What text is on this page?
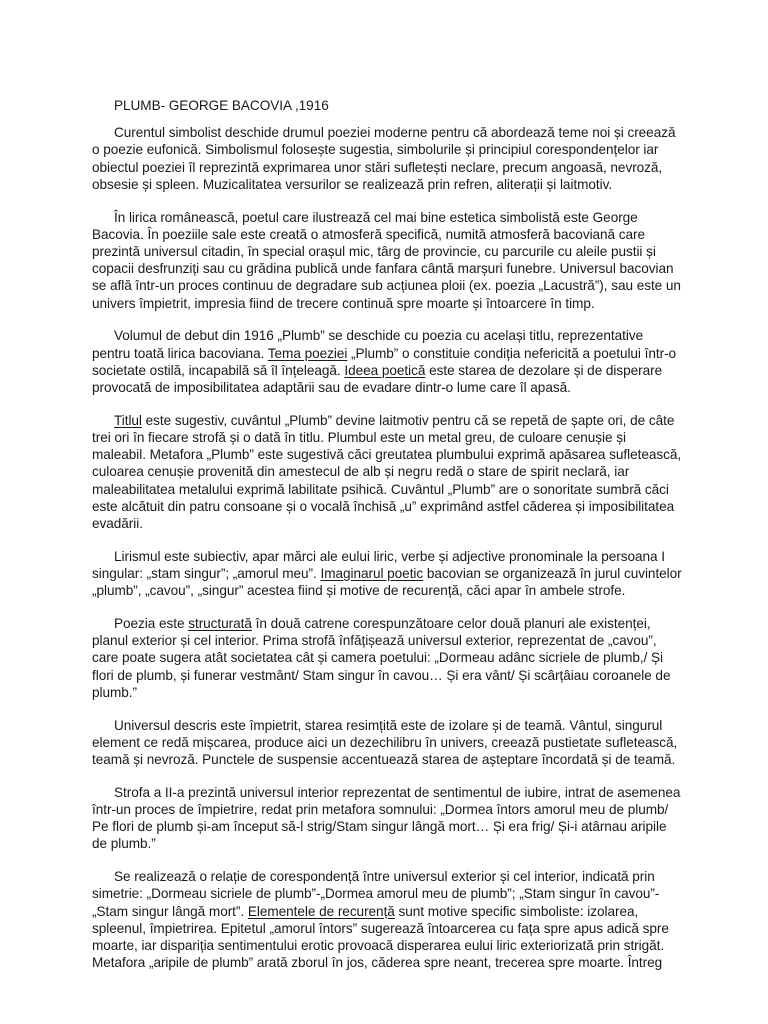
PLUMB- GEORGE BACOVIA ,1916

Curentul simbolist deschide drumul poeziei moderne pentru că abordează teme noi și creează o poezie eufonică. Simbolismul folosește sugestia, simbolurile și principiul corespondențelor iar obiectul poeziei îl reprezintă exprimarea unor stări sufletești neclare, precum angoasă, nevroză, obsesie și spleen. Muzicalitatea versurilor se realizează prin refren, aliterații și laitmotiv.

În lirica românească, poetul care ilustrează cel mai bine estetica simbolistă este George Bacovia. În poeziile sale este creată o atmosferă specifică, numită atmosferă bacoviană care prezintă universul citadin, în special orașul mic, târg de provincie, cu parcurile cu aleile pustii și copacii desfrunziți sau cu grădina publică unde fanfara cântă marșuri funebre. Universul bacovian se află într-un proces continuu de degradare sub acțiunea ploii (ex. poezia „Lacustră”), sau este un univers împietrit, impresia fiind de trecere continuă spre moarte și întoarcere în timp.

Volumul de debut din 1916 „Plumb” se deschide cu poezia cu același titlu, reprezentative pentru toată lirica bacoviana. Tema poeziei „Plumb” o constituie condiția nefericită a poetului într-o societate ostilă, incapabilă să îl înțeleagă. Ideea poetică este starea de dezolare și de disperare provocată de imposibilitatea adaptării sau de evadare dintr-o lume care îl apasă.

Titlul este sugestiv, cuvântul „Plumb” devine laitmotiv pentru că se repetă de șapte ori, de câte trei ori în fiecare strofă și o dată în titlu. Plumbul este un metal greu, de culoare cenușie și maleabil. Metafora „Plumb” este sugestivă căci greutatea plumbului exprimă apăsarea sufletească, culoarea cenușie provenită din amestecul de alb și negru redă o stare de spirit neclară, iar maleabilitatea metalului exprimă labilitate psihică. Cuvântul „Plumb” are o sonoritate sumbră căci este alcătuit din patru consoane și o vocală închisă „u” exprimând astfel căderea și imposibilitatea evadării.

Lirismul este subiectiv, apar mărci ale eului liric, verbe și adjective pronominale la persoana I singular: „stam singur”; „amorul meu”. Imaginarul poetic bacovian se organizează în jurul cuvintelor „plumb”, „cavou”, „singur” acestea fiind și motive de recurență, căci apar în ambele strofe.

Poezia este structurată în două catrene corespunzătoare celor două planuri ale existenței, planul exterior și cel interior. Prima strofă înfățișează universul exterior, reprezentat de „cavou”, care poate sugera atât societatea cât și camera poetului: „Dormeau adânc sicriele de plumb,/ Și flori de plumb, și funerar vestmânt/ Stam singur în cavou… Și era vânt/ Și scârțâiau coroanele de plumb.”

Universul descris este împietrit, starea resimțită este de izolare și de teamă. Vântul, singurul element ce redă mișcarea, produce aici un dezechilibru în univers, creează pustietate sufletească, teamă și nevroză. Punctele de suspensie accentuează starea de așteptare încordată și de teamă.

Strofa a II-a prezintă universul interior reprezentat de sentimentul de iubire, intrat de asemenea într-un proces de împietrire, redat prin metafora somnului: „Dormea întors amorul meu de plumb/ Pe flori de plumb și-am început să-l strig/Stam singur lângă mort… Și era frig/ Și-i atârnau aripile de plumb.”

Se realizează o relație de corespondență între universul exterior și cel interior, indicată prin simetrie: „Dormeau sicriele de plumb”-„Dormea amorul meu de plumb”; „Stam singur în cavou”-„Stam singur lângă mort”. Elementele de recurență sunt motive specific simboliste: izolarea, spleenul, împietrirea. Epitetul „amorul întors” sugerează întoarcerea cu fața spre apus adică spre moarte, iar dispariția sentimentului erotic provoacă disperarea eului liric exteriorizată prin strigăt. Metafora „aripile de plumb” arată zborul în jos, căderea spre neant, trecerea spre moarte. Întreg
